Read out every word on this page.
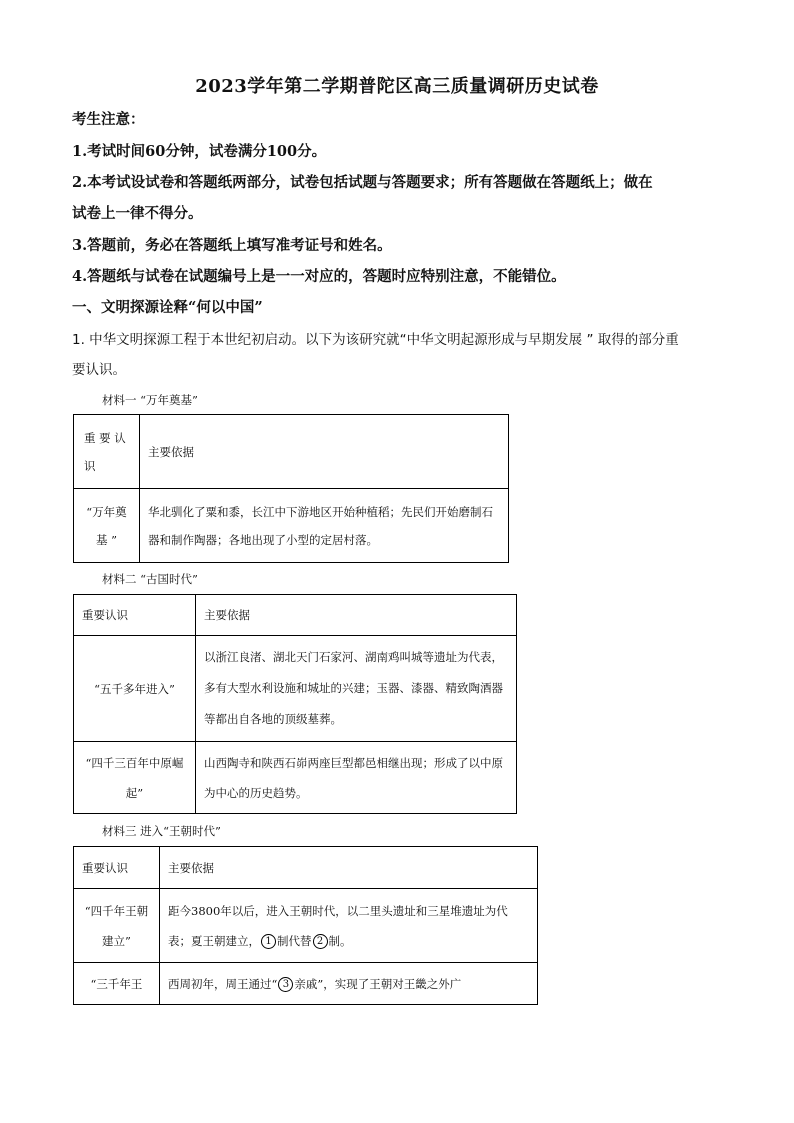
2023学年第二学期普陀区高三质量调研历史试卷
考生注意：
1.考试时间60分钟，试卷满分100分。
2.本考试设试卷和答题纸两部分，试卷包括试题与答题要求；所有答题做在答题纸上；做在
试卷上一律不得分。
3.答题前，务必在答题纸上填写准考证号和姓名。
4.答题纸与试卷在试题编号上是一一对应的，答题时应特别注意，不能错位。
一、文明探源诠释“何以中国”
1. 中华文明探源工程于本世纪初启动。以下为该研究就“中华文明起源形成与早期发展 ” 取得的部分重
要认识。
材料一 “万年奠基”
重 要 认 识	主要依据
“万年奠基 ”	华北驯化了粟和黍，长江中下游地区开始种植稻；先民们开始磨制石器和制作陶器；各地出现了小型的定居村落。
材料二 “古国时代”
重要认识	主要依据
“五千多年进入”	以浙江良渚、湖北天门石家河、湖南鸡叫城等遗址为代表，多有大型水利设施和城址的兴建；玉器、漆器、精致陶酒器等都出自各地的顶级墓葬。
“四千三百年中原崛起”	山西陶寺和陕西石峁两座巨型都邑相继出现；形成了以中原为中心的历史趋势。
材料三 进入“王朝时代”
重要认识	主要依据
“四千年王朝建立”	距今3800年以后，进入王朝时代，以二里头遗址和三星堆遗址为代表；夏王朝建立， 1 制代替 2 制。
“三千年王	西周初年，周王通过“ 3 亲戚”，实现了王朝对王畿之外广
